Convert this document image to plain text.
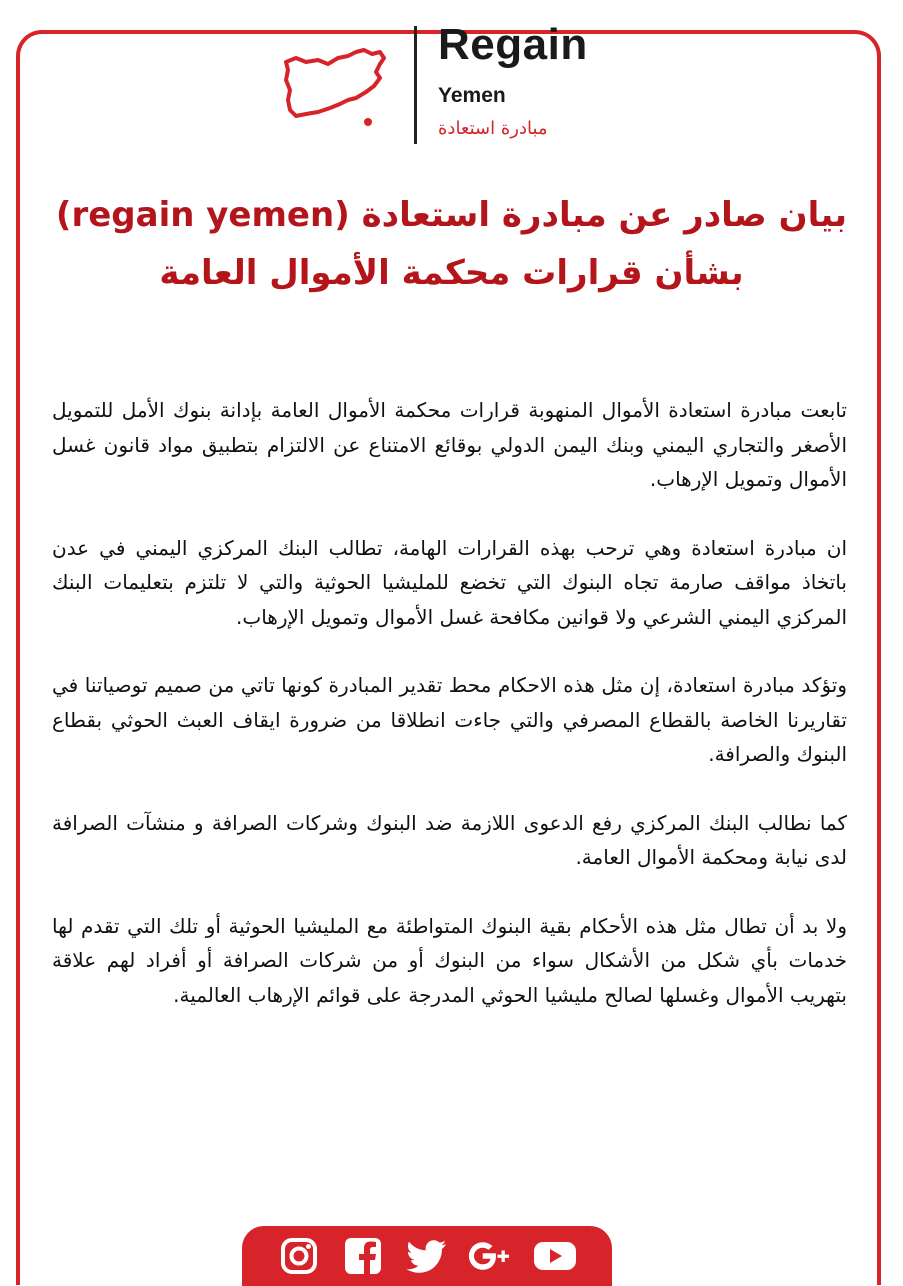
Regain
Yemen
مبادرة استعادة
بيان صادر عن مبادرة استعادة (regain yemen)
بشأن قرارات محكمة الأموال العامة

تابعت مبادرة استعادة الأموال المنهوبة قرارات محكمة الأموال العامة بإدانة بنوك الأمل للتمويل الأصغر والتجاري اليمني وبنك اليمن الدولي بوقائع الامتناع عن الالتزام بتطبيق مواد قانون غسل الأموال وتمويل الإرهاب.

ان مبادرة استعادة وهي ترحب بهذه القرارات الهامة، تطالب البنك المركزي اليمني في عدن باتخاذ مواقف صارمة تجاه البنوك التي تخضع للمليشيا الحوثية والتي لا تلتزم بتعليمات البنك المركزي اليمني الشرعي ولا قوانين مكافحة غسل الأموال وتمويل الإرهاب.

وتؤكد مبادرة استعادة، إن مثل هذه الاحكام محط تقدير المبادرة كونها تاتي من صميم توصياتنا في تقاريرنا الخاصة بالقطاع المصرفي والتي جاءت انطلاقا من ضرورة ايقاف العبث الحوثي بقطاع البنوك والصرافة.

كما نطالب البنك المركزي رفع الدعوى اللازمة ضد البنوك وشركات الصرافة و منشآت الصرافة لدى نيابة ومحكمة الأموال العامة.

ولا بد أن تطال مثل هذه الأحكام بقية البنوك المتواطئة مع المليشيا الحوثية أو تلك التي تقدم لها خدمات بأي شكل من الأشكال سواء من البنوك أو من شركات الصرافة أو أفراد لهم علاقة بتهريب الأموال وغسلها لصالح مليشيا الحوثي المدرجة على قوائم الإرهاب العالمية.
